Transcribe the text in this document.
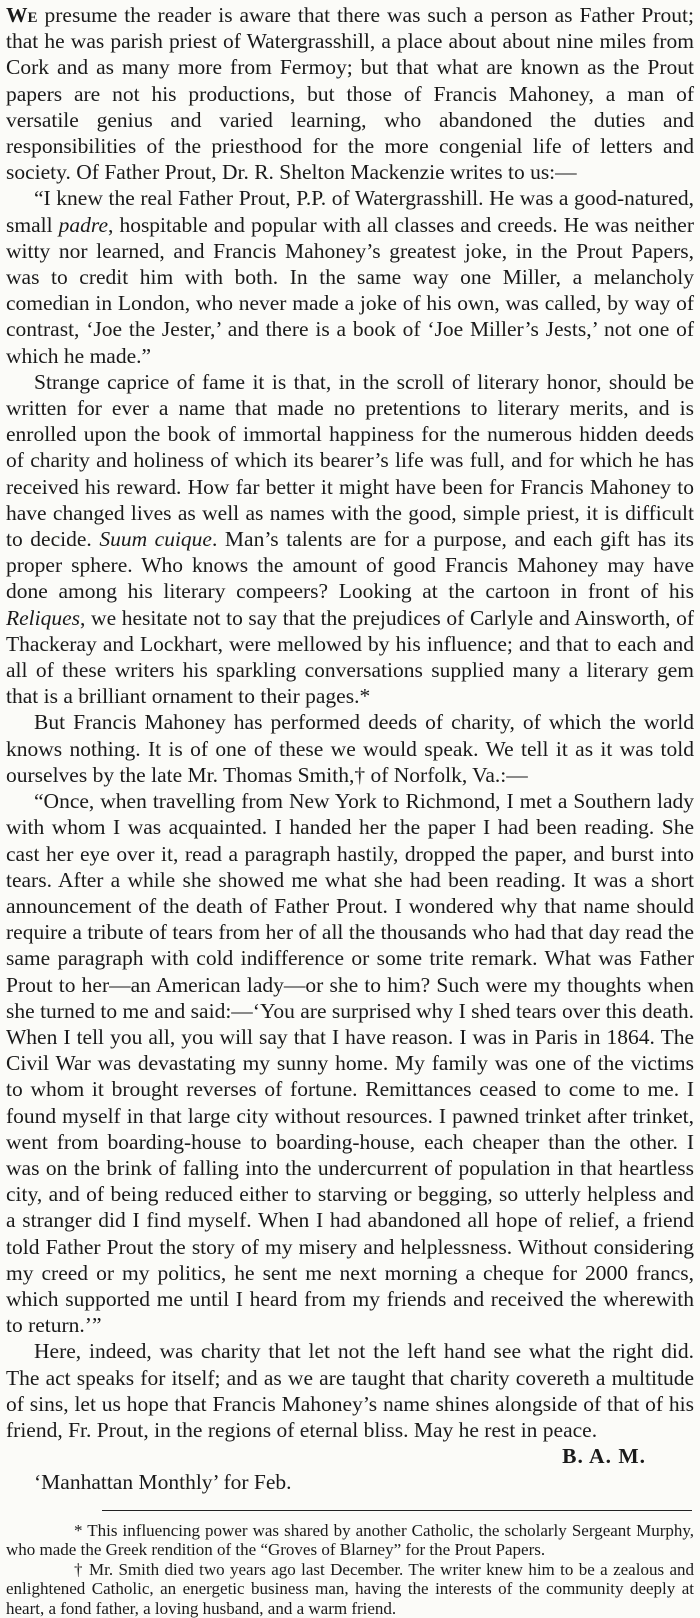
We presume the reader is aware that there was such a person as Father Prout; that he was parish priest of Watergrasshill, a place about about nine miles from Cork and as many more from Fermoy; but that what are known as the Prout papers are not his productions, but those of Francis Mahoney, a man of versatile genius and varied learning, who abandoned the duties and responsibilities of the priesthood for the more congenial life of letters and society. Of Father Prout, Dr. R. Shelton Mackenzie writes to us:—

“I knew the real Father Prout, P.P. of Watergrasshill. He was a good-natured, small padre, hospitable and popular with all classes and creeds. He was neither witty nor learned, and Francis Mahoney’s greatest joke, in the Prout Papers, was to credit him with both. In the same way one Miller, a melancholy comedian in London, who never made a joke of his own, was called, by way of contrast, ‘Joe the Jester,’ and there is a book of ‘Joe Miller’s Jests,’ not one of which he made.”

Strange caprice of fame it is that, in the scroll of literary honor, should be written for ever a name that made no pretentions to literary merits, and is enrolled upon the book of immortal happiness for the numerous hidden deeds of charity and holiness of which its bearer’s life was full, and for which he has received his reward. How far better it might have been for Francis Mahoney to have changed lives as well as names with the good, simple priest, it is difficult to decide. Suum cuique. Man’s talents are for a purpose, and each gift has its proper sphere. Who knows the amount of good Francis Mahoney may have done among his literary compeers? Looking at the cartoon in front of his Reliques, we hesitate not to say that the prejudices of Carlyle and Ainsworth, of Thackeray and Lockhart, were mellowed by his influence; and that to each and all of these writers his sparkling conversations supplied many a literary gem that is a brilliant ornament to their pages.*

But Francis Mahoney has performed deeds of charity, of which the world knows nothing. It is of one of these we would speak. We tell it as it was told ourselves by the late Mr. Thomas Smith,† of Norfolk, Va.:—

“Once, when travelling from New York to Richmond, I met a Southern lady with whom I was acquainted. I handed her the paper I had been reading. She cast her eye over it, read a paragraph hastily, dropped the paper, and burst into tears. After a while she showed me what she had been reading. It was a short announcement of the death of Father Prout. I wondered why that name should require a tribute of tears from her of all the thousands who had that day read the same paragraph with cold indifference or some trite remark. What was Father Prout to her—an American lady—or she to him? Such were my thoughts when she turned to me and said:—‘You are surprised why I shed tears over this death. When I tell you all, you will say that I have reason. I was in Paris in 1864. The Civil War was devastating my sunny home. My family was one of the victims to whom it brought reverses of fortune. Remittances ceased to come to me. I found myself in that large city without resources. I pawned trinket after trinket, went from boarding-house to boarding-house, each cheaper than the other. I was on the brink of falling into the undercurrent of population in that heartless city, and of being reduced either to starving or begging, so utterly helpless and a stranger did I find myself. When I had abandoned all hope of relief, a friend told Father Prout the story of my misery and helplessness. Without considering my creed or my politics, he sent me next morning a cheque for 2000 francs, which supported me until I heard from my friends and received the wherewith to return.’”

Here, indeed, was charity that let not the left hand see what the right did. The act speaks for itself; and as we are taught that charity covereth a multitude of sins, let us hope that Francis Mahoney’s name shines alongside of that of his friend, Fr. Prout, in the regions of eternal bliss. May he rest in peace.

B. A. M.
‘Manhattan Monthly’ for Feb.

* This influencing power was shared by another Catholic, the scholarly Sergeant Murphy, who made the Greek rendition of the “Groves of Blarney” for the Prout Papers.

† Mr. Smith died two years ago last December. The writer knew him to be a zealous and enlightened Catholic, an energetic business man, having the interests of the community deeply at heart, a fond father, a loving husband, and a warm friend.
